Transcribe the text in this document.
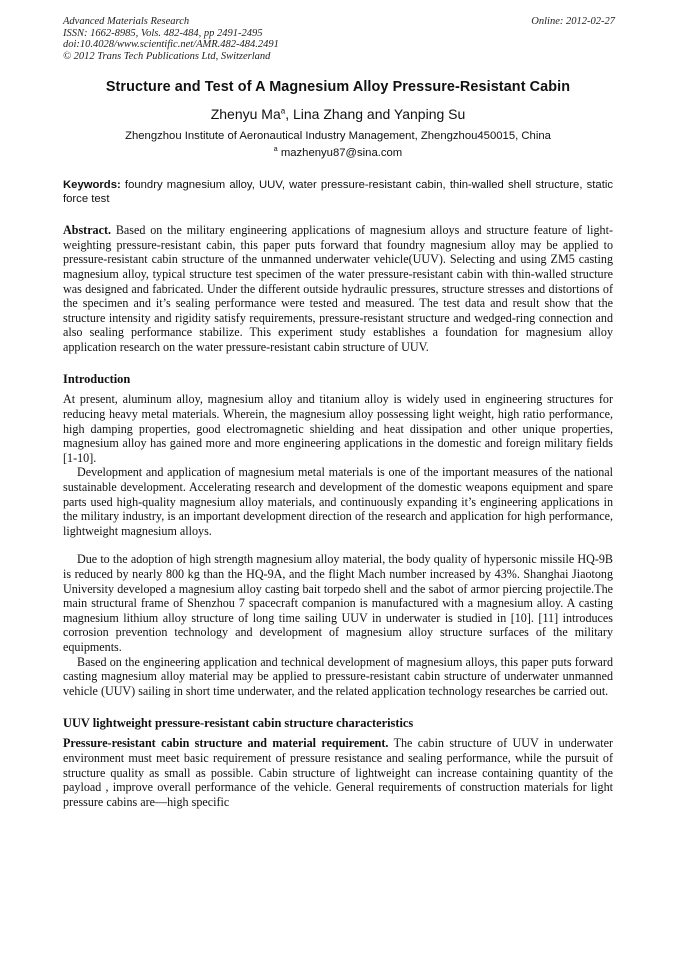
Advanced Materials Research
ISSN: 1662-8985, Vols. 482-484, pp 2491-2495
doi:10.4028/www.scientific.net/AMR.482-484.2491
© 2012 Trans Tech Publications Ltd, Switzerland
Online: 2012-02-27
Structure and Test of A Magnesium Alloy Pressure-Resistant Cabin
Zhenyu Ma$^a$, Lina Zhang and Yanping Su
Zhengzhou Institute of Aeronautical Industry Management, Zhengzhou450015, China
$^a$ mazhenyu87@sina.com
Keywords: foundry magnesium alloy, UUV, water pressure-resistant cabin, thin-walled shell structure, static force test
Abstract. Based on the military engineering applications of magnesium alloys and structure feature of light-weighting pressure-resistant cabin, this paper puts forward that foundry magnesium alloy may be applied to pressure-resistant cabin structure of the unmanned underwater vehicle(UUV). Selecting and using ZM5 casting magnesium alloy, typical structure test specimen of the water pressure-resistant cabin with thin-walled structure was designed and fabricated. Under the different outside hydraulic pressures, structure stresses and distortions of the specimen and it’s sealing performance were tested and measured. The test data and result show that the structure intensity and rigidity satisfy requirements, pressure-resistant structure and wedged-ring connection and also sealing performance stabilize. This experiment study establishes a foundation for magnesium alloy application research on the water pressure-resistant cabin structure of UUV.
Introduction

At present, aluminum alloy, magnesium alloy and titanium alloy is widely used in engineering structures for reducing heavy metal materials. Wherein, the magnesium alloy possessing light weight, high ratio performance, high damping properties, good electromagnetic shielding and heat dissipation and other unique properties, magnesium alloy has gained more and more engineering applications in the domestic and foreign military fields [1-10].

Development and application of magnesium metal materials is one of the important measures of the national sustainable development. Accelerating research and development of the domestic weapons equipment and spare parts used high-quality magnesium alloy materials, and continuously expanding it’s engineering applications in the military industry, is an important development direction of the research and application for high performance, lightweight magnesium alloys.

Due to the adoption of high strength magnesium alloy material, the body quality of hypersonic missile HQ-9B is reduced by nearly 800 kg than the HQ-9A, and the flight Mach number increased by 43%. Shanghai Jiaotong University developed a magnesium alloy casting bait torpedo shell and the sabot of armor piercing projectile.The main structural frame of Shenzhou 7 spacecraft companion is manufactured with a magnesium alloy. A casting magnesium lithium alloy structure of long time sailing UUV in underwater is studied in [10]. [11] introduces corrosion prevention technology and development of magnesium alloy structure surfaces of the military equipments.

Based on the engineering application and technical development of magnesium alloys, this paper puts forward casting magnesium alloy material may be applied to pressure-resistant cabin structure of underwater unmanned vehicle (UUV) sailing in short time underwater, and the related application technology researches be carried out.

UUV lightweight pressure-resistant cabin structure characteristics
Pressure-resistant cabin structure and material requirement. The cabin structure of UUV in underwater environment must meet basic requirement of pressure resistance and sealing performance, while the pursuit of structure quality as small as possible. Cabin structure of lightweight can increase containing quantity of the payload , improve overall performance of the vehicle. General requirements of construction materials for light pressure cabins are—high specific
